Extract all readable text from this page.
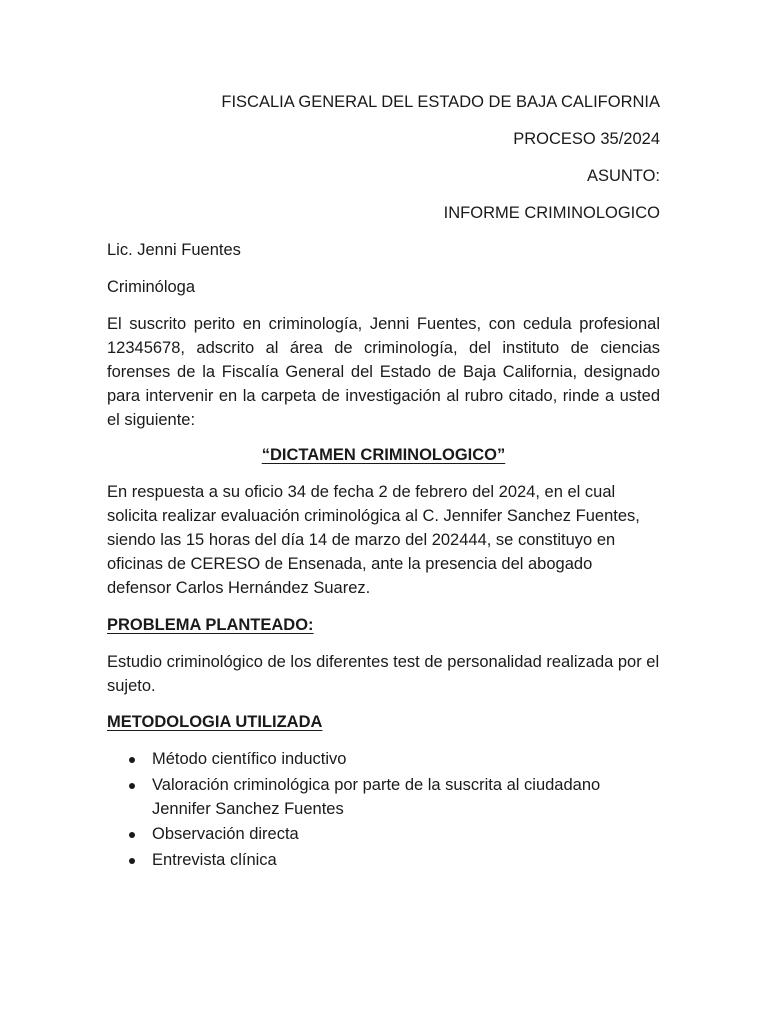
FISCALIA GENERAL DEL ESTADO DE BAJA CALIFORNIA
PROCESO 35/2024
ASUNTO:
INFORME CRIMINOLOGICO
Lic. Jenni Fuentes
Criminóloga
El suscrito perito en criminología, Jenni Fuentes, con cedula profesional 12345678, adscrito al área de criminología, del instituto de ciencias forenses de la Fiscalía General del Estado de Baja California, designado para intervenir en la carpeta de investigación al rubro citado, rinde a usted el siguiente:
“DICTAMEN CRIMINOLOGICO”
En respuesta a su oficio 34 de fecha 2 de febrero del 2024, en el cual solicita realizar evaluación criminológica al C. Jennifer Sanchez Fuentes, siendo las 15 horas del día 14 de marzo del 202444, se constituyo en oficinas de CERESO de Ensenada, ante la presencia del abogado defensor Carlos Hernández Suarez.
PROBLEMA PLANTEADO:
Estudio criminológico de los diferentes test de personalidad realizada por el sujeto.
METODOLOGIA UTILIZADA
Método científico inductivo
Valoración criminológica por parte de la suscrita al ciudadano Jennifer Sanchez Fuentes
Observación directa
Entrevista clínica
